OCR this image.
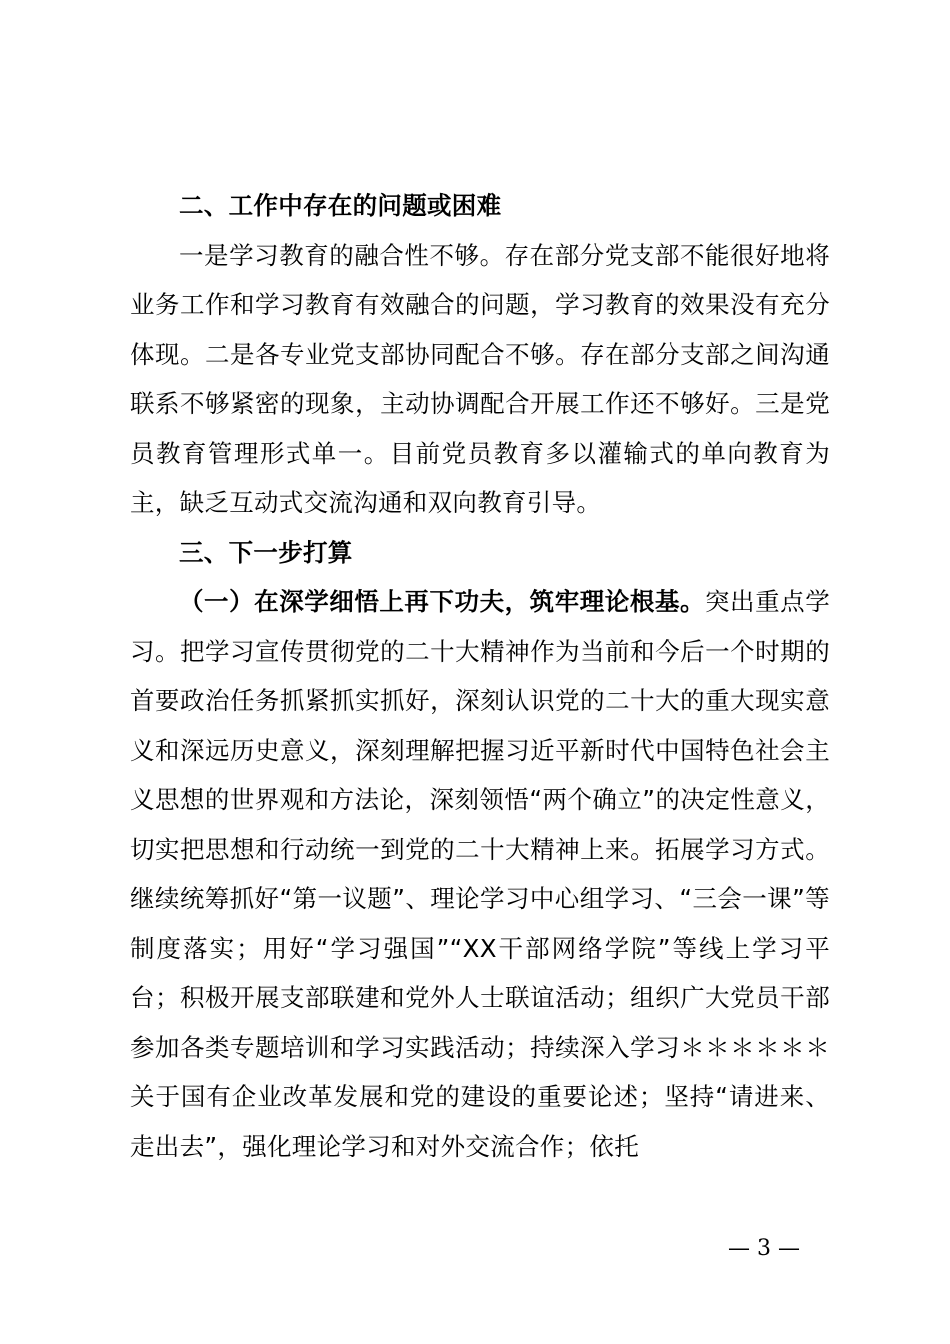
二、工作中存在的问题或困难

一是学习教育的融合性不够。存在部分党支部不能很好地将业务工作和学习教育有效融合的问题，学习教育的效果没有充分体现。二是各专业党支部协同配合不够。存在部分支部之间沟通联系不够紧密的现象，主动协调配合开展工作还不够好。三是党员教育管理形式单一。目前党员教育多以灌输式的单向教育为主，缺乏互动式交流沟通和双向教育引导。

三、下一步打算

（一）在深学细悟上再下功夫，筑牢理论根基。突出重点学习。把学习宣传贯彻党的二十大精神作为当前和今后一个时期的首要政治任务抓紧抓实抓好，深刻认识党的二十大的重大现实意义和深远历史意义，深刻理解把握习近平新时代中国特色社会主义思想的世界观和方法论，深刻领悟“两个确立”的决定性意义，切实把思想和行动统一到党的二十大精神上来。拓展学习方式。继续统筹抓好“第一议题”、理论学习中心组学习、“三会一课”等制度落实；用好“学习强国”“XX干部网络学院”等线上学习平台；积极开展支部联建和党外人士联谊活动；组织广大党员干部参加各类专题培训和学习实践活动；持续深入学习＊＊＊＊＊＊关于国有企业改革发展和党的建设的重要论述；坚持“请进来、走出去”，强化理论学习和对外交流合作；依托

— 3 —
